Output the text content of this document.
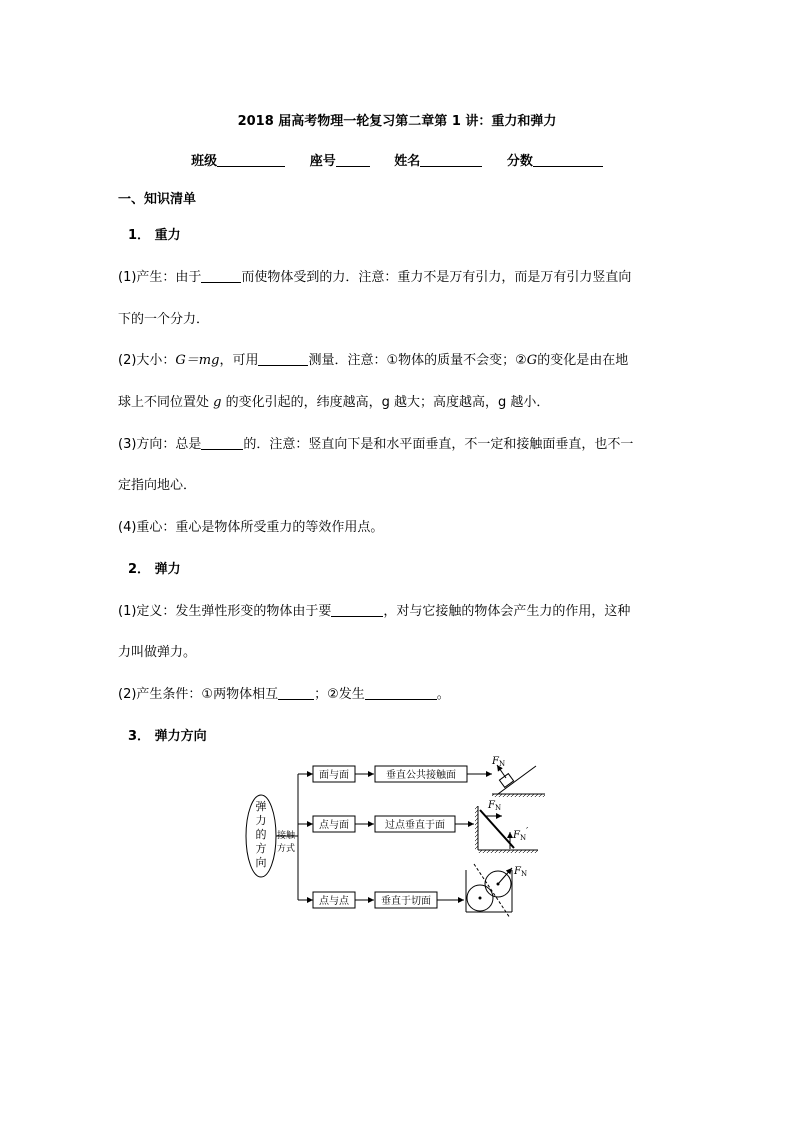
2018 届高考物理一轮复习第二章第 1 讲：重力和弹力
班级	座号	姓名	分数
一、知识清单
1． 重力
(1)产生：由于	而使物体受到的力．注意：重力不是万有引力，而是万有引力竖直向
下的一个分力．
(2)大小：G＝mg，可用	测量．注意：①物体的质量不会变；②G的变化是由在地
球上不同位置处 g 的变化引起的，纬度越高，g 越大；高度越高，g 越小．
(3)方向：总是	的．注意：竖直向下是和水平面垂直，不一定和接触面垂直，也不一
定指向地心．
(4)重心：重心是物体所受重力的等效作用点。
2． 弹力
(1)定义：发生弹性形变的物体由于要	，对与它接触的物体会产生力的作用，这种
力叫做弹力。
(2)产生条件：①两物体相互	；②发生	。
3． 弹力方向
弹
力
的
方
向
接触
方式
面与面	垂直公共接触面
点与面	过点垂直于面
点与点	垂直于切面
$F_N$
$F_N$
$F_N'$
$F_N$
